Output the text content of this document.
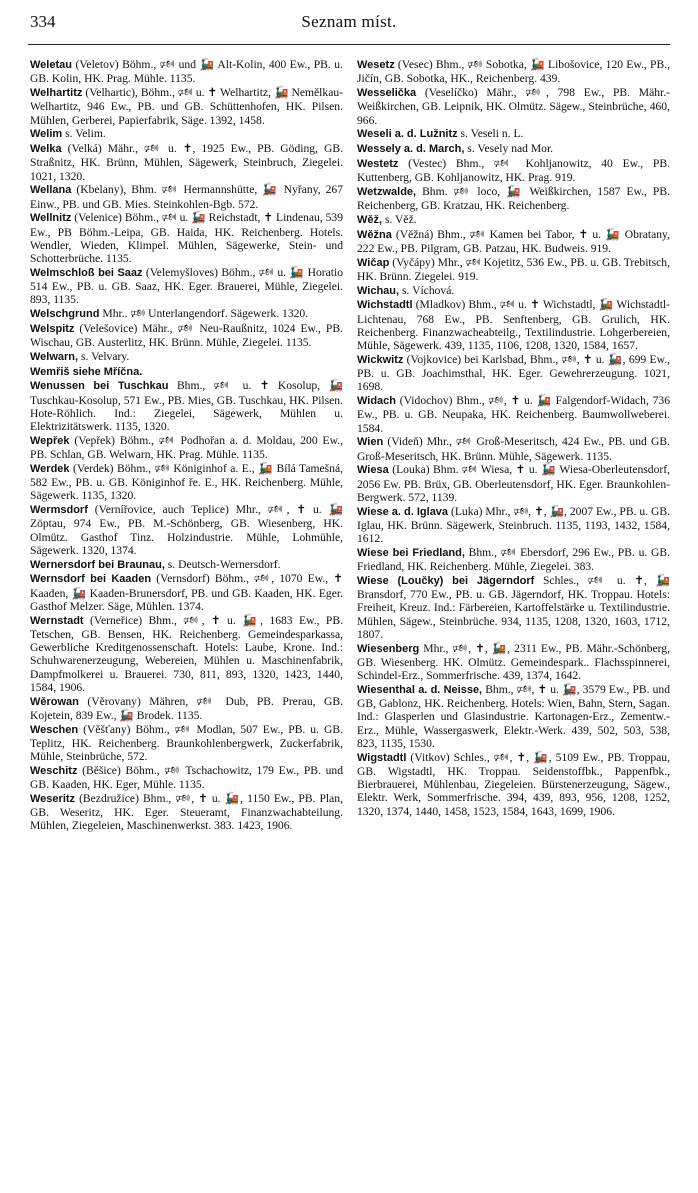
334	Seznam míst.

Weletau (Veletov) Böhm., 🕬 und 🚂 Alt-Kolin, 400 Ew., PB. u. GB. Kolin, HK. Prag. Mühle. 1135.

Welhartitz (Velhartic), Böhm., 🕬 u. ✝ Welhartitz, 🚂 Nemělkau-Welhartitz, 946 Ew., PB. und GB. Schüttenhofen, HK. Pilsen. Mühlen, Gerberei, Papierfabrik, Säge. 1392, 1458.

Welim s. Velim.

Welka (Velká) Mähr., 🕬 u. ✝, 1925 Ew., PB. Göding, GB. Straßnitz, HK. Brünn, Mühlen, Sägewerk, Steinbruch, Ziegelei. 1021, 1320.

Wellana (Kbelany), Bhm. 🕬 Hermannshütte, 🚂 Nyřany, 267 Einw., PB. und GB. Mies. Steinkohlen-Bgb. 572.

Wellnitz (Velenice) Böhm., 🕬 u. 🚂 Reichstadt, ✝ Lindenau, 539 Ew., PB Böhm.-Leipa, GB. Haida, HK. Reichenberg. Hotels. Wendler, Wieden, Klimpel. Mühlen, Sägewerke, Stein- und Schotterbrüche. 1135.

Welmschloß bei Saaz (Velemyšloves) Böhm., 🕬 u. 🚂 Horatio 514 Ew., PB. u. GB. Saaz, HK. Eger. Brauerei, Mühle, Ziegelei. 893, 1135.

Welschgrund Mhr.. 🕬 Unterlangendorf. Sägewerk. 1320.

Welspitz (Velešovice) Mähr., 🕬 Neu-Raußnitz, 1024 Ew., PB. Wischau, GB. Austerlitz, HK. Brünn. Mühle, Ziegelei. 1135.

Welwarn, s. Velvary.

Wemřiš siehe Mříčna.

Wenussen bei Tuschkau Bhm., 🕬 u. ✝ Kosolup, 🚂 Tuschkau-Kosolup, 571 Ew., PB. Mies, GB. Tuschkau, HK. Pilsen. Hote-Röhlich. Ind.: Ziegelei, Sägewerk, Mühlen u. Elektrizitätswerk. 1135, 1320.

Wepřek (Vepřek) Böhm., 🕬 Podhořan a. d. Moldau, 200 Ew., PB. Schlan, GB. Welwarn, HK. Prag. Mühle. 1135.

Werdek (Verdek) Böhm., 🕬 Königinhof a. E., 🚂 Bílá Tamešná, 582 Ew., PB. u. GB. Königinhof ře. E., HK. Reichenberg. Mühle, Sägewerk. 1135, 1320.

Wermsdorf (Vernířovice, auch Teplice) Mhr., 🕬, ✝ u. 🚂 Zöptau, 974 Ew., PB. M.-Schönberg, GB. Wiesenberg, HK. Olmütz. Gasthof Tinz. Holzindustrie. Mühle, Lohmühle, Sägewerk. 1320, 1374.

Wernersdorf bei Braunau, s. Deutsch-Wernersdorf.

Wernsdorf bei Kaaden (Vernsdorf) Böhm., 🕬, 1070 Ew., ✝ Kaaden, 🚂 Kaaden-Brunersdorf, PB. und GB. Kaaden, HK. Eger. Gasthof Melzer. Säge, Mühlen. 1374.

Wernstadt (Verneřice) Bhm., 🕬, ✝ u. 🚂, 1683 Ew., PB. Tetschen, GB. Bensen, HK. Reichenberg. Gemeindesparkassa, Gewerbliche Kreditgenossenschaft. Hotels: Laube, Krone. Ind.: Schuhwarenerzeugung, Webereien, Mühlen u. Maschinenfabrik, Dampfmolkerei u. Brauerei. 730, 811, 893, 1320, 1423, 1440, 1584, 1906.

Wěrowan (Věrovany) Mähren, 🕬 Dub, PB. Prerau, GB. Kojetein, 839 Ew., 🚂 Brodek. 1135.

Weschen (Věšťany) Böhm., 🕬 Modlan, 507 Ew., PB. u. GB. Teplitz, HK. Reichenberg. Braunkohlenbergwerk, Zuckerfabrik, Mühle, Steinbrüche, 572.

Weschitz (Běšice) Böhm., 🕬 Tschachowitz, 179 Ew., PB. und GB. Kaaden, HK. Eger, Mühle. 1135.

Weseritz (Bezdružice) Bhm., 🕬, ✝ u. 🚂, 1150 Ew., PB. Plan, GB. Weseritz, HK. Eger. Steueramt, Finanzwachabteilung. Mühlen, Ziegeleien, Maschinenwerkst. 383. 1423, 1906.

Wesetz (Vesec) Bhm., 🕬 Sobotka, 🚂 Libošovice, 120 Ew., PB., Jičín, GB. Sobotka, HK., Reichenberg. 439.

Wesselička (Veselíčko) Mähr., 🕬, 798 Ew., PB. Mähr.-Weißkirchen, GB. Leipnik, HK. Olmütz. Sägew., Steinbrüche, 460, 966.

Weseli a. d. Lužnitz s. Veseli n. L.

Wessely a. d. March, s. Vesely nad Mor.

Westetz (Vestec) Bhm., 🕬 Kohljanowitz, 40 Ew., PB. Kuttenberg, GB. Kohljanowitz, HK. Prag. 919.

Wetzwalde, Bhm. 🕬 loco, 🚂 Weißkirchen, 1587 Ew., PB. Reichenberg, GB. Kratzau, HK. Reichenberg.

Wěž, s. Věž.

Wěžna (Věžná) Bhm., 🕬 Kamen bei Tabor, ✝ u. 🚂 Obratany, 222 Ew., PB. Pilgram, GB. Patzau, HK. Budweis. 919.

Wičap (Vyčápy) Mhr., 🕬 Kojetitz, 536 Ew., PB. u. GB. Trebitsch, HK. Brünn. Ziegelei. 919.

Wichau, s. Víchová.

Wichstadtl (Mladkov) Bhm., 🕬 u. ✝ Wichstadtl, 🚂 Wichstadtl-Lichtenau, 768 Ew., PB. Senftenberg, GB. Grulich, HK. Reichenberg. Finanzwacheabteilg., Textilindustrie. Lohgerbereien, Mühle, Sägewerk. 439, 1135, 1106, 1208, 1320, 1584, 1657.

Wickwitz (Vojkovice) bei Karlsbad, Bhm., 🕬, ✝ u. 🚂, 699 Ew., PB. u. GB. Joachimsthal, HK. Eger. Gewehrerzeugung. 1021, 1698.

Widach (Vidochov) Bhm., 🕬, ✝ u. 🚂 Falgendorf-Widach, 736 Ew., PB. u. GB. Neupaka, HK. Reichenberg. Baumwollweberei. 1584.

Wien (Videň) Mhr., 🕬 Groß-Meseritsch, 424 Ew., PB. und GB. Groß-Meseritsch, HK. Brünn. Mühle, Sägewerk. 1135.

Wiesa (Louka) Bhm. 🕬 Wiesa, ✝ u. 🚂 Wiesa-Oberleutensdorf, 2056 Ew. PB. Brüx, GB. Oberleutensdorf, HK. Eger. Braunkohlen-Bergwerk. 572, 1139.

Wiese a. d. Iglava (Luka) Mhr., 🕬, ✝, 🚂, 2007 Ew., PB. u. GB. Iglau, HK. Brünn. Sägewerk, Steinbruch. 1135, 1193, 1432, 1584, 1612.

Wiese bei Friedland, Bhm., 🕬 Ebersdorf, 296 Ew., PB. u. GB. Friedland, HK. Reichenberg. Mühle, Ziegelei. 383.

Wiese (Loučky) bei Jägerndorf Schles., 🕬 u. ✝, 🚂 Bransdorf, 770 Ew., PB. u. GB. Jägerndorf, HK. Troppau. Hotels: Freiheit, Kreuz. Ind.: Färbereien, Kartoffelstärke u. Textilindustrie. Mühlen, Sägew., Steinbrüche. 934, 1135, 1208, 1320, 1603, 1712, 1807.

Wiesenberg Mhr., 🕬, ✝, 🚂, 2311 Ew., PB. Mähr.-Schönberg, GB. Wiesenberg. HK. Olmütz. Gemeindespark.. Flachsspinnerei, Schindel-Erz., Sommerfrische. 439, 1374, 1642.

Wiesenthal a. d. Neisse, Bhm., 🕬, ✝ u. 🚂, 3579 Ew., PB. und GB, Gablonz, HK. Reichenberg. Hotels: Wien, Bahn, Stern, Sagan. Ind.: Glasperlen und Glasindustrie. Kartonagen-Erz., Zementw.-Erz., Mühle, Wassergaswerk, Elektr.-Werk. 439, 502, 503, 538, 823, 1135, 1530.

Wigstadtl (Vitkov) Schles., 🕬, ✝, 🚂, 5109 Ew., PB. Troppau, GB. Wigstadtl, HK. Troppau. Seidenstoffbk., Pappenfbk., Bierbrauerei, Mühlenbau, Ziegeleien. Bürstenerzeugung, Sägew., Elektr. Werk, Sommerfrische. 394, 439, 893, 956, 1208, 1252, 1320, 1374, 1440, 1458, 1523, 1584, 1643, 1699, 1906.
